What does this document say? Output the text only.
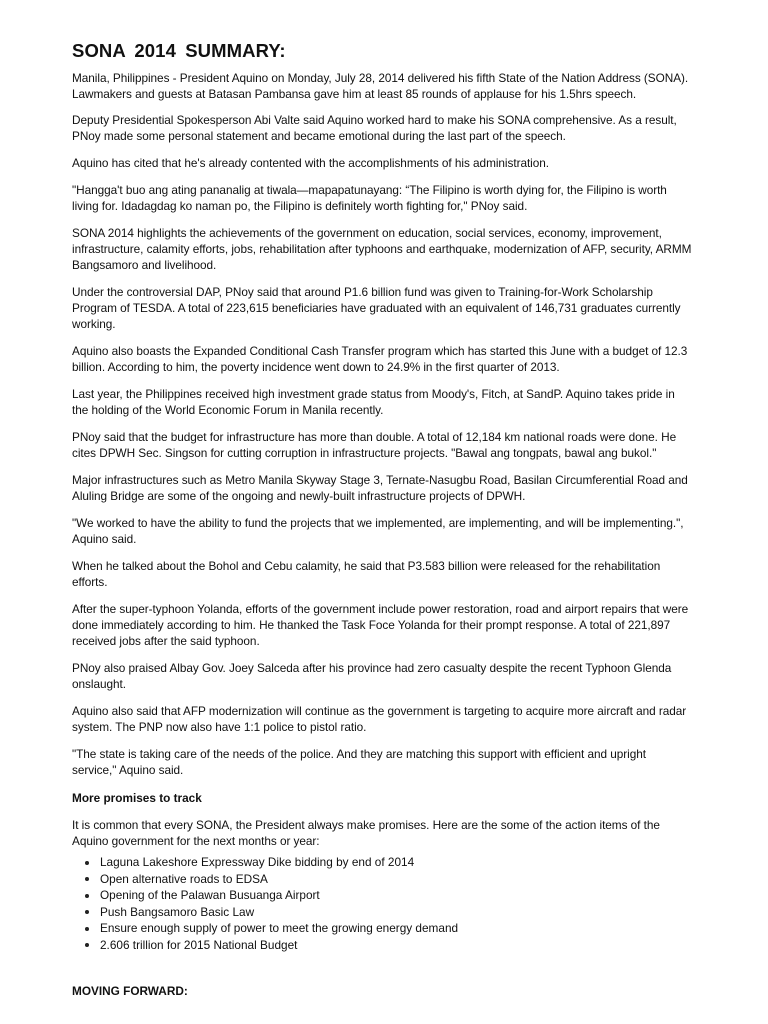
SONA 2014 SUMMARY:

Manila, Philippines - President Aquino on Monday, July 28, 2014 delivered his fifth State of the Nation Address (SONA). Lawmakers and guests at Batasan Pambansa gave him at least 85 rounds of applause for his 1.5hrs speech.

Deputy Presidential Spokesperson Abi Valte said Aquino worked hard to make his SONA comprehensive. As a result, PNoy made some personal statement and became emotional during the last part of the speech.

Aquino has cited that he's already contented with the accomplishments of his administration.

"Hangga't buo ang ating pananalig at tiwala—mapapatunayang: “The Filipino is worth dying for, the Filipino is worth living for. Idadagdag ko naman po, the Filipino is definitely worth fighting for," PNoy said.

SONA 2014 highlights the achievements of the government on education, social services, economy, improvement, infrastructure, calamity efforts, jobs, rehabilitation after typhoons and earthquake, modernization of AFP, security, ARMM Bangsamoro and livelihood.

Under the controversial DAP, PNoy said that around P1.6 billion fund was given to Training-for-Work Scholarship Program of TESDA. A total of 223,615 beneficiaries have graduated with an equivalent of 146,731 graduates currently working.

Aquino also boasts the Expanded Conditional Cash Transfer program which has started this June with a budget of 12.3 billion. According to him, the poverty incidence went down to 24.9% in the first quarter of 2013.

Last year, the Philippines received high investment grade status from Moody's, Fitch, at SandP. Aquino takes pride in the holding of the World Economic Forum in Manila recently.

PNoy said that the budget for infrastructure has more than double. A total of 12,184 km national roads were done. He cites DPWH Sec. Singson for cutting corruption in infrastructure projects. "Bawal ang tongpats, bawal ang bukol."

Major infrastructures such as Metro Manila Skyway Stage 3, Ternate-Nasugbu Road, Basilan Circumferential Road and Aluling Bridge are some of the ongoing and newly-built infrastructure projects of DPWH.

"We worked to have the ability to fund the projects that we implemented, are implementing, and will be implementing.", Aquino said.

When he talked about the Bohol and Cebu calamity, he said that P3.583 billion were released for the rehabilitation efforts.

After the super-typhoon Yolanda, efforts of the government include power restoration, road and airport repairs that were done immediately according to him. He thanked the Task Foce Yolanda for their prompt response. A total of 221,897 received jobs after the said typhoon.

PNoy also praised Albay Gov. Joey Salceda after his province had zero casualty despite the recent Typhoon Glenda onslaught.

Aquino also said that AFP modernization will continue as the government is targeting to acquire more aircraft and radar system. The PNP now also have 1:1 police to pistol ratio.

"The state is taking care of the needs of the police. And they are matching this support with efficient and upright service," Aquino said.

More promises to track

It is common that every SONA, the President always make promises. Here are the some of the action items of the Aquino government for the next months or year:

Laguna Lakeshore Expressway Dike bidding by end of 2014
Open alternative roads to EDSA
Opening of the Palawan Busuanga Airport
Push Bangsamoro Basic Law
Ensure enough supply of power to meet the growing energy demand
2.606 trillion for 2015 National Budget
MOVING FORWARD:
